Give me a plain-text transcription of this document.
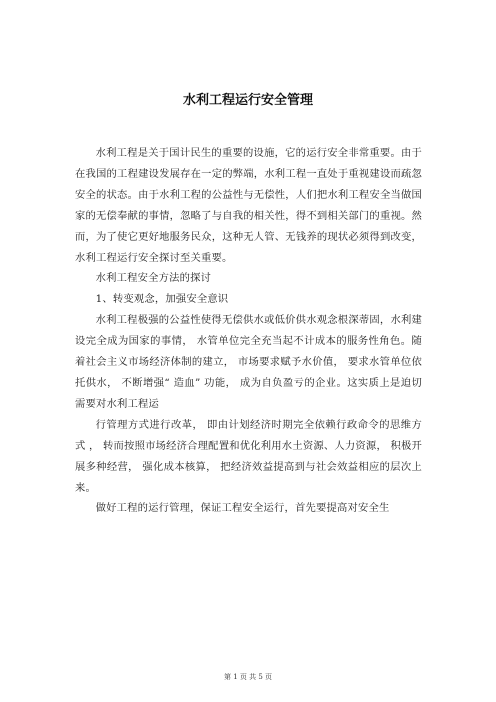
水利工程运行安全管理

水利工程是关于国计民生的重要的设施，它的运行安全非常重要。由于在我国的工程建设发展存在一定的弊端，水利工程一直处于重视建设而疏忽安全的状态。由于水利工程的公益性与无偿性，人们把水利工程安全当做国家的无偿奉献的事情，忽略了与自我的相关性，得不到相关部门的重视。然而，为了使它更好地服务民众，这种无人管、无钱养的现状必须得到改变，水利工程运行安全探讨至关重要。

水利工程安全方法的探讨

1、转变观念，加强安全意识

水利工程极强的公益性使得无偿供水或低价供水观念根深蒂固，水利建设完全成为国家的事情， 水管单位完全充当起不计成本的服务性角色。随着社会主义市场经济体制的建立， 市场要求赋予水价值， 要求水管单位依托供水， 不断增强“ 造血” 功能， 成为自负盈亏的企业。这实质上是迫切需要对水利工程运

行管理方式进行改革， 即由计划经济时期完全依赖行政命令的思维方式 ， 转而按照市场经济合理配置和优化利用水土资源、人力资源， 积极开展多种经营， 强化成本核算， 把经济效益提高到与社会效益相应的层次上来。

做好工程的运行管理，保证工程安全运行，首先要提高对安全生

第 1 页 共 5 页
